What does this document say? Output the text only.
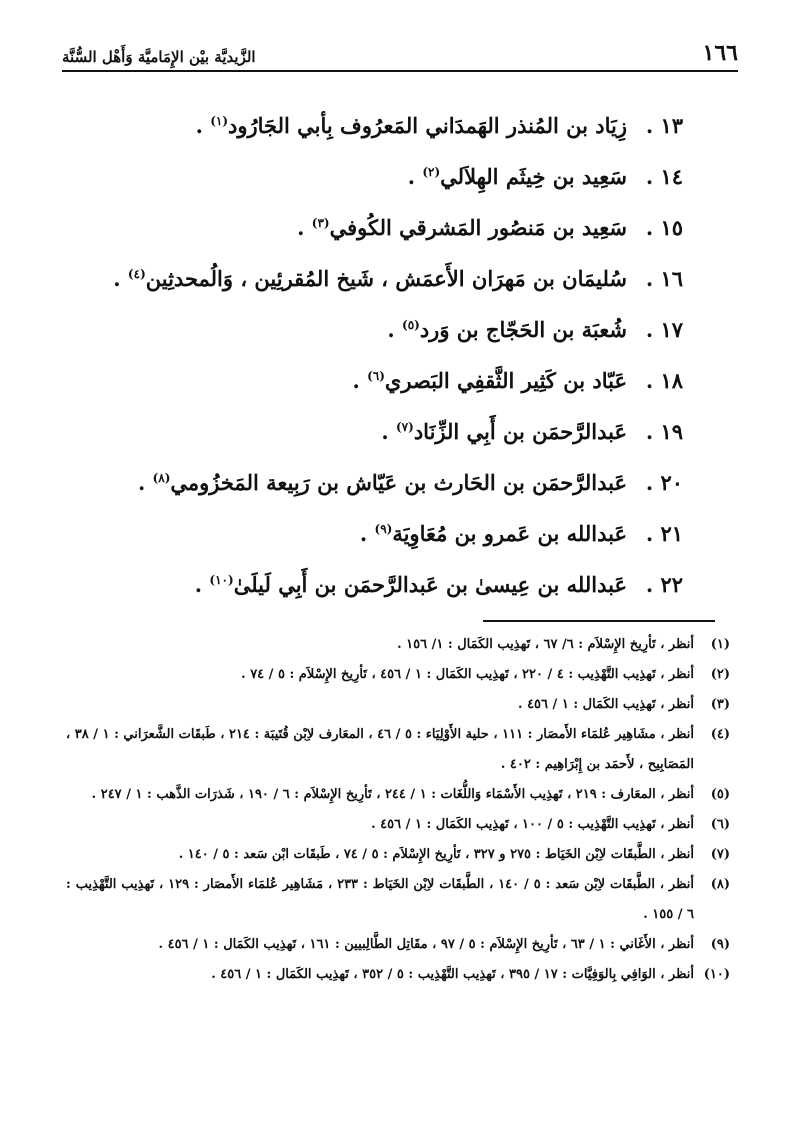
١٦٦
الزَّيديَّة بيْن الإِمَاميَّة وَأَهْل السُّنَّة
١٣ .زِيَاد بن المُنذر الهَمدَاني المَعرُوف بِأبي الجَارُود$^{(١)}$ .
١٤ .سَعِيد بن خِيثَم الهِلاَلي$^{(٢)}$ .
١٥ .سَعِيد بن مَنصُور المَشرقي الكُوفي$^{(٣)}$ .
١٦ .سُليمَان بن مَهرَان الأَعمَش ، شَيخ المُقرئِين ، وَالُمحدثِين$^{(٤)}$ .
١٧ .شُعبَة بن الحَجّاج بن وَرد$^{(٥)}$ .
١٨ .عَبّاد بن كَثِير الثَّقفِي البَصري$^{(٦)}$ .
١٩ .عَبدالرَّحمَن بن أَبِي الزِّنَاد$^{(٧)}$ .
٢٠ .عَبدالرَّحمَن بن الحَارث بن عَيّاش بن رَبِيعة المَخزُومي$^{(٨)}$ .
٢١ .عَبدالله بن عَمرو بن مُعَاوِيَة$^{(٩)}$ .
٢٢ .عَبدالله بن عِيسىٰ بن عَبدالرَّحمَن بن أَبِي لَيلَىٰ$^{(١٠)}$ .
(١)
أنظر ، تَأرِيخ الإِسْلاَم : ٦/ ٦٧ ، تَهذِيب الكَمَال : ١/ ١٥٦ .
(٢)
أنظر ، تَهذِيب التَّهْذِيب : ٤ / ٢٢٠ ، تَهذِيب الكَمَال : ١ / ٤٥٦ ، تَأرِيخ الإِسْلاَم : ٥ / ٧٤ .
(٣)
أنظر ، تَهذِيب الكَمَال : ١ / ٤٥٦ .
(٤)
أنظر ، مشَاهِير عُلمَاء الأَمصَار : ١١١ ، حلية الأَوْلِيَاء : ٥ / ٤٦ ، المعَارف لاِبْن قُتَيبَة : ٢١٤ ، طَبقَات الشَّعرَاني : ١ / ٣٨ ، المَصَابِيح ، لأَحمَد بن إِبْرَاهِيم : ٤٠٢ .
(٥)
أنظر ، المعَارف : ٢١٩ ، تَهذِيب الأَسْمَاء وَاللُّغَات : ١ / ٢٤٤ ، تَأرِيخ الإِسْلاَم : ٦ / ١٩٠ ، شَذرَات الذَّهب : ١ / ٢٤٧ .
(٦)
أنظر ، تَهذِيب التَّهْذِيب : ٥ / ١٠٠ ، تَهذِيب الكَمَال : ١ / ٤٥٦ .
(٧)
أنظر ، الطَّبقَات لاِبْن الخَيَاط : ٢٧٥ و ٣٢٧ ، تَأرِيخ الإِسْلاَم : ٥ / ٧٤ ، طَبقَات ابْن سَعد : ٥ / ١٤٠ .
(٨)
أنظر ، الطَّبقَات لاِبْن سَعد : ٥ / ١٤٠ ، الطَّبقَات لاِبْن الخَيَاط : ٢٣٣ ، مَشَاهِير عُلمَاء الأَمصَار : ١٢٩ ، تَهذِيب التَّهْذِيب : ٦ / ١٥٥ .
(٩)
أنظر ، الأَغَاني : ١ / ٦٣ ، تَأرِيخ الإِسْلاَم : ٥ / ٩٧ ، مقَاتِل الطَّالِبيين : ١٦١ ، تَهذِيب الكَمَال : ١ / ٤٥٦ .
(١٠)
أنظر ، الوَافِي بِالوَفِيَّات : ١٧ / ٣٩٥ ، تَهذِيب التَّهْذِيب : ٥ / ٣٥٢ ، تَهذِيب الكَمَال : ١ / ٤٥٦ .
